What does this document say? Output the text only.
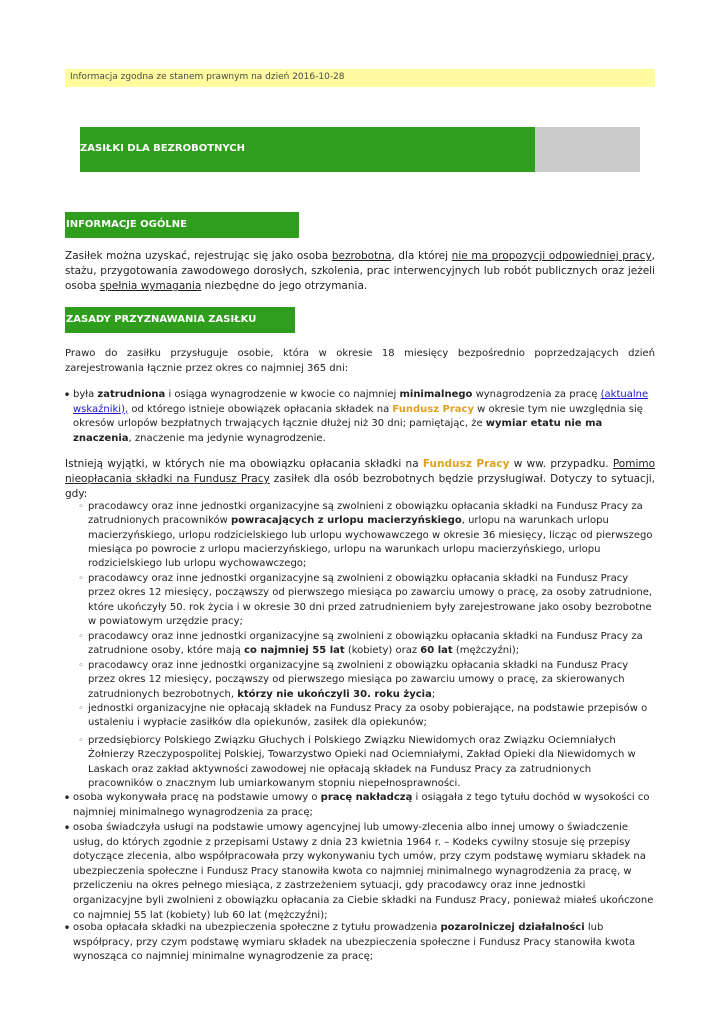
Informacja zgodna ze stanem prawnym na dzień 2016-10-28
ZASIŁKI DLA BEZROBOTNYCH
INFORMACJE OGÓLNE

Zasiłek można uzyskać, rejestrując się jako osoba bezrobotna, dla której nie ma propozycji odpowiedniej pracy, stażu, przygotowania zawodowego dorosłych, szkolenia, prac interwencyjnych lub robót publicznych oraz jeżeli osoba spełnia wymagania niezbędne do jego otrzymania.

ZASADY PRZYZNAWANIA ZASIŁKU

Prawo do zasiłku przysługuje osobie, która w okresie 18 miesięcy bezpośrednio poprzedzających dzień zarejestrowania łącznie przez okres co najmniej 365 dni:

• była zatrudniona i osiąga wynagrodzenie w kwocie co najmniej minimalnego wynagrodzenia za pracę (aktualne wskaźniki), od którego istnieje obowiązek opłacania składek na Fundusz Pracy w okresie tym nie uwzględnia się okresów urlopów bezpłatnych trwających łącznie dłużej niż 30 dni; pamiętając, że wymiar etatu nie ma znaczenia, znaczenie ma jedynie wynagrodzenie.

Istnieją wyjątki, w których nie ma obowiązku opłacania składki na Fundusz Pracy w ww. przypadku. Pomimo nieopłacania składki na Fundusz Pracy zasiłek dla osób bezrobotnych będzie przysługiwał. Dotyczy to sytuacji, gdy:

◦ pracodawcy oraz inne jednostki organizacyjne są zwolnieni z obowiązku opłacania składki na Fundusz Pracy za zatrudnionych pracowników powracających z urlopu macierzyńskiego, urlopu na warunkach urlopu macierzyńskiego, urlopu rodzicielskiego lub urlopu wychowawczego w okresie 36 miesięcy, licząc od pierwszego miesiąca po powrocie z urlopu macierzyńskiego, urlopu na warunkach urlopu macierzyńskiego, urlopu rodzicielskiego lub urlopu wychowawczego;
◦ pracodawcy oraz inne jednostki organizacyjne są zwolnieni z obowiązku opłacania składki na Fundusz Pracy przez okres 12 miesięcy, począwszy od pierwszego miesiąca po zawarciu umowy o pracę, za osoby zatrudnione, które ukończyły 50. rok życia i w okresie 30 dni przed zatrudnieniem były zarejestrowane jako osoby bezrobotne w powiatowym urzędzie pracy;
◦ pracodawcy oraz inne jednostki organizacyjne są zwolnieni z obowiązku opłacania składki na Fundusz Pracy za zatrudnione osoby, które mają co najmniej 55 lat (kobiety) oraz 60 lat (mężczyźni);
◦ pracodawcy oraz inne jednostki organizacyjne są zwolnieni z obowiązku opłacania składki na Fundusz Pracy przez okres 12 miesięcy, począwszy od pierwszego miesiąca po zawarciu umowy o pracę, za skierowanych zatrudnionych bezrobotnych, którzy nie ukończyli 30. roku życia;
◦ jednostki organizacyjne nie opłacają składek na Fundusz Pracy za osoby pobierające, na podstawie przepisów o ustaleniu i wypłacie zasiłków dla opiekunów, zasiłek dla opiekunów;
◦ przedsiębiorcy Polskiego Związku Głuchych i Polskiego Związku Niewidomych oraz Związku Ociemniałych Żołnierzy Rzeczypospolitej Polskiej, Towarzystwo Opieki nad Ociemniałymi, Zakład Opieki dla Niewidomych w Laskach oraz zakład aktywności zawodowej nie opłacają składek na Fundusz Pracy za zatrudnionych pracowników o znacznym lub umiarkowanym stopniu niepełnosprawności.
• osoba wykonywała pracę na podstawie umowy o pracę nakładczą i osiągała z tego tytułu dochód w wysokości co najmniej minimalnego wynagrodzenia za pracę;
• osoba świadczyła usługi na podstawie umowy agencyjnej lub umowy-zlecenia albo innej umowy o świadczenie usług, do których zgodnie z przepisami Ustawy z dnia 23 kwietnia 1964 r. – Kodeks cywilny stosuje się przepisy dotyczące zlecenia, albo współpracowała przy wykonywaniu tych umów, przy czym podstawę wymiaru składek na ubezpieczenia społeczne i Fundusz Pracy stanowiła kwota co najmniej minimalnego wynagrodzenia za pracę, w przeliczeniu na okres pełnego miesiąca, z zastrzeżeniem sytuacji, gdy pracodawcy oraz inne jednostki organizacyjne byli zwolnieni z obowiązku opłacania za Ciebie składki na Fundusz Pracy, ponieważ miałeś ukończone co najmniej 55 lat (kobiety) lub 60 lat (mężczyźni);
• osoba opłacała składki na ubezpieczenia społeczne z tytułu prowadzenia pozarolniczej działalności lub współpracy, przy czym podstawę wymiaru składek na ubezpieczenia społeczne i Fundusz Pracy stanowiła kwota wynosząca co najmniej minimalne wynagrodzenie za pracę;
